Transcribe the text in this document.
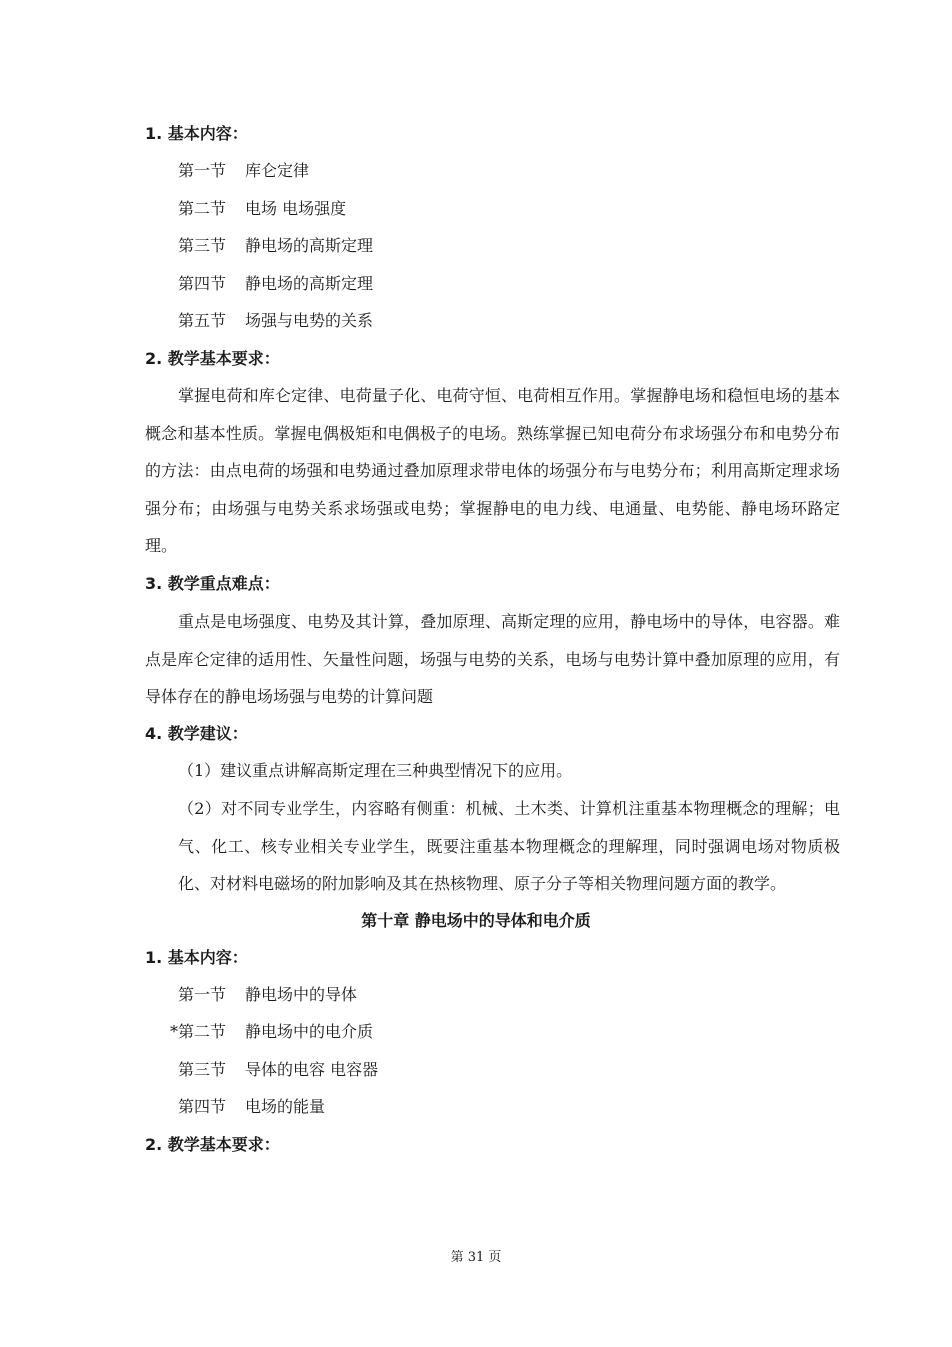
1. 基本内容：
第一节 库仑定律
第二节 电场 电场强度
第三节 静电场的高斯定理
第四节 静电场的高斯定理
第五节 场强与电势的关系
2. 教学基本要求：

掌握电荷和库仑定律、电荷量子化、电荷守恒、电荷相互作用。掌握静电场和稳恒电场的基本概念和基本性质。掌握电偶极矩和电偶极子的电场。熟练掌握已知电荷分布求场强分布和电势分布的方法：由点电荷的场强和电势通过叠加原理求带电体的场强分布与电势分布；利用高斯定理求场强分布；由场强与电势关系求场强或电势；掌握静电的电力线、电通量、电势能、静电场环路定理。

3. 教学重点难点：

重点是电场强度、电势及其计算，叠加原理、高斯定理的应用，静电场中的导体，电容器。难点是库仑定律的适用性、矢量性问题，场强与电势的关系，电场与电势计算中叠加原理的应用，有导体存在的静电场场强与电势的计算问题

4. 教学建议：

（1）建议重点讲解高斯定理在三种典型情况下的应用。

（2）对不同专业学生，内容略有侧重：机械、土木类、计算机注重基本物理概念的理解；电气、化工、核专业相关专业学生，既要注重基本物理概念的理解理，同时强调电场对物质极化、对材料电磁场的附加影响及其在热核物理、原子分子等相关物理问题方面的教学。

第十章 静电场中的导体和电介质
1. 基本内容：
第一节 静电场中的导体
*第二节 静电场中的电介质
第三节 导体的电容 电容器
第四节 电场的能量
2. 教学基本要求：
第 31 页
